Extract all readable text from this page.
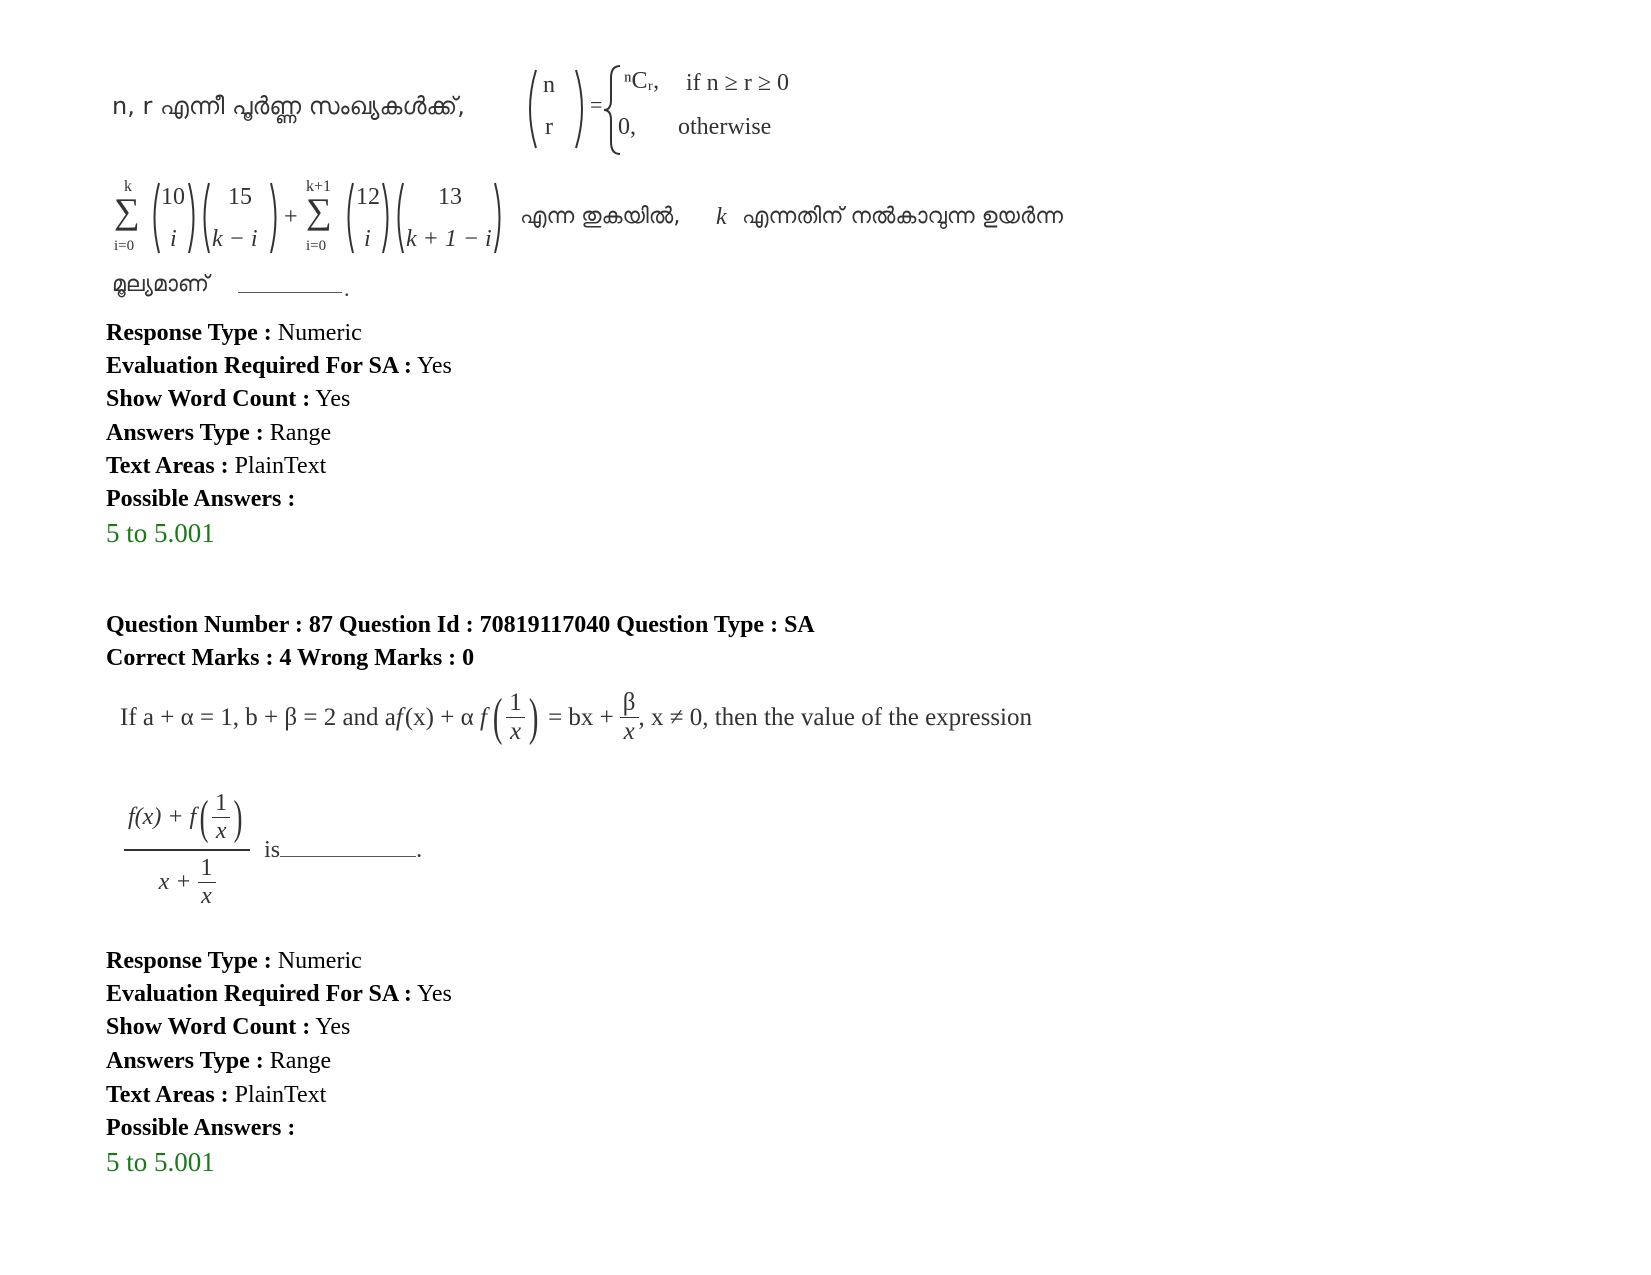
n, r എന്നീ പൂർണ്ണ സംഖ്യകൾക്ക്,
n
r
=
ⁿCᵣ, if n ≥ r ≥ 0
0, otherwise
k
∑
i=0
10
i
15
k − i
+
k+1
∑
i=0
12
i
13
k + 1 − i
എന്ന തുകയിൽ, k എന്നതിന് നൽകാവുന്ന ഉയർന്ന
മൂല്യമാണ്	.
Response Type : Numeric
Evaluation Required For SA : Yes
Show Word Count : Yes
Answers Type : Range
Text Areas : PlainText
Possible Answers :
5 to 5.001
Question Number : 87 Question Id : 70819117040 Question Type : SA
Correct Marks : 4 Wrong Marks : 0
If a + α = 1, b + β = 2 and a f (x) + α
f ( $\frac{1}{x}$ ) = bx + $\frac{\beta}{x}$ , x ≠ 0, then the value of the expression
$\frac{f(x) + f ( \frac{1}{x} )}{x + \frac{1}{x}}$ is	.
Response Type : Numeric
Evaluation Required For SA : Yes
Show Word Count : Yes
Answers Type : Range
Text Areas : PlainText
Possible Answers :
5 to 5.001
